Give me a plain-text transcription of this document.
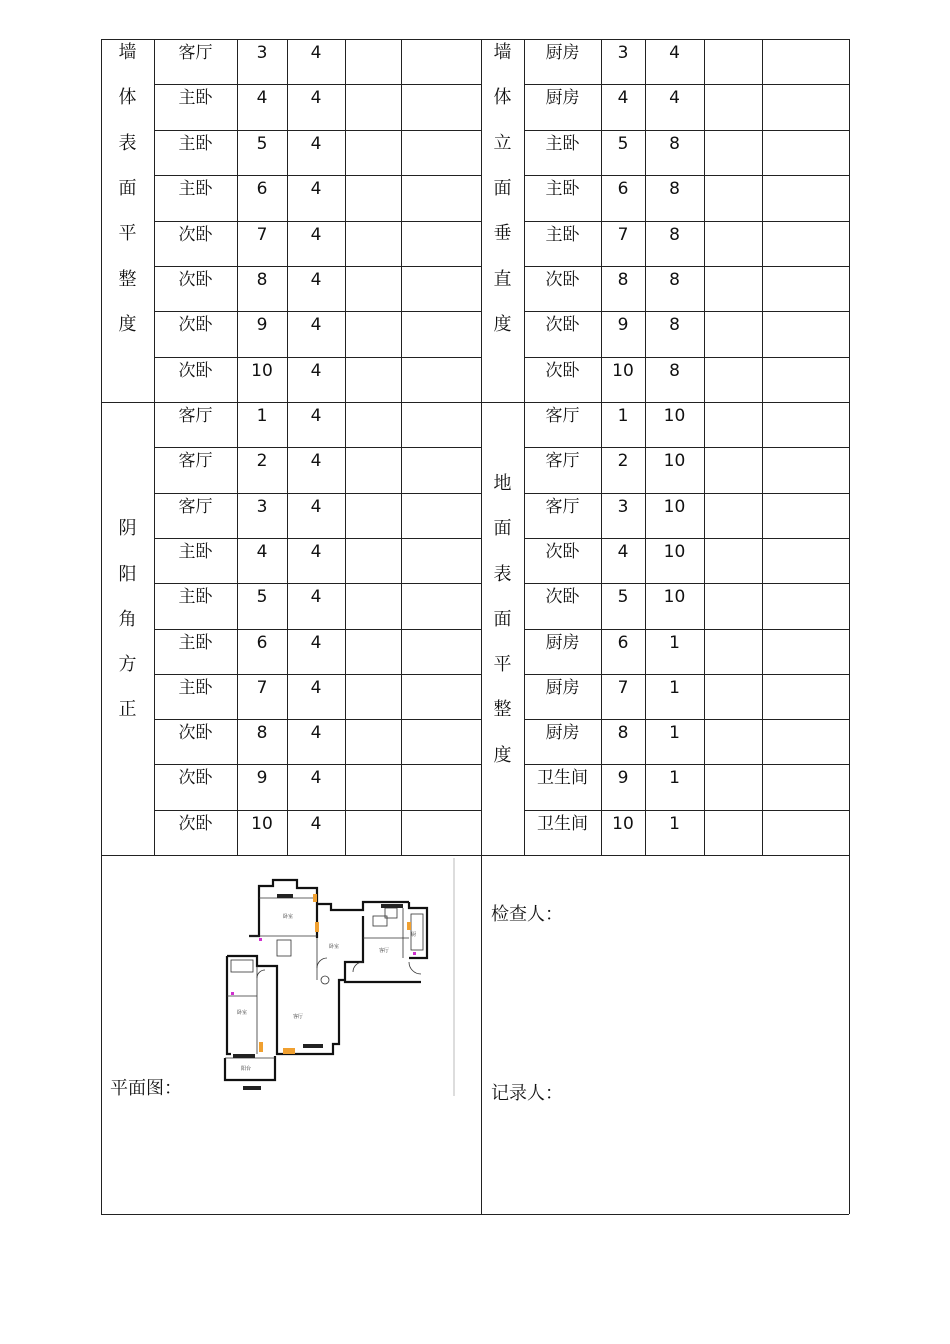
平面图：
检查人：
记录人：
卧室
卧室
客厅
厨
卧室
客厅
阳台
客厅	3	4
主卧	4	4
主卧	5	4
主卧	6	4
次卧	7	4
次卧	8	4
次卧	9	4
次卧	10	4
墙
体
表
面
平
整
度
厨房	3	4
厨房	4	4
主卧	5	8
主卧	6	8
主卧	7	8
次卧	8	8
次卧	9	8
次卧	10	8
墙
体
立
面
垂
直
度
客厅	1	4
客厅	2	4
客厅	3	4
主卧	4	4
主卧	5	4
主卧	6	4
主卧	7	4
次卧	8	4
次卧	9	4
次卧	10	4
阴
阳
角
方
正
客厅	1	10
客厅	2	10
客厅	3	10
次卧	4	10
次卧	5	10
厨房	6	1
厨房	7	1
厨房	8	1
卫生间	9	1
卫生间	10	1
地
面
表
面
平
整
度
